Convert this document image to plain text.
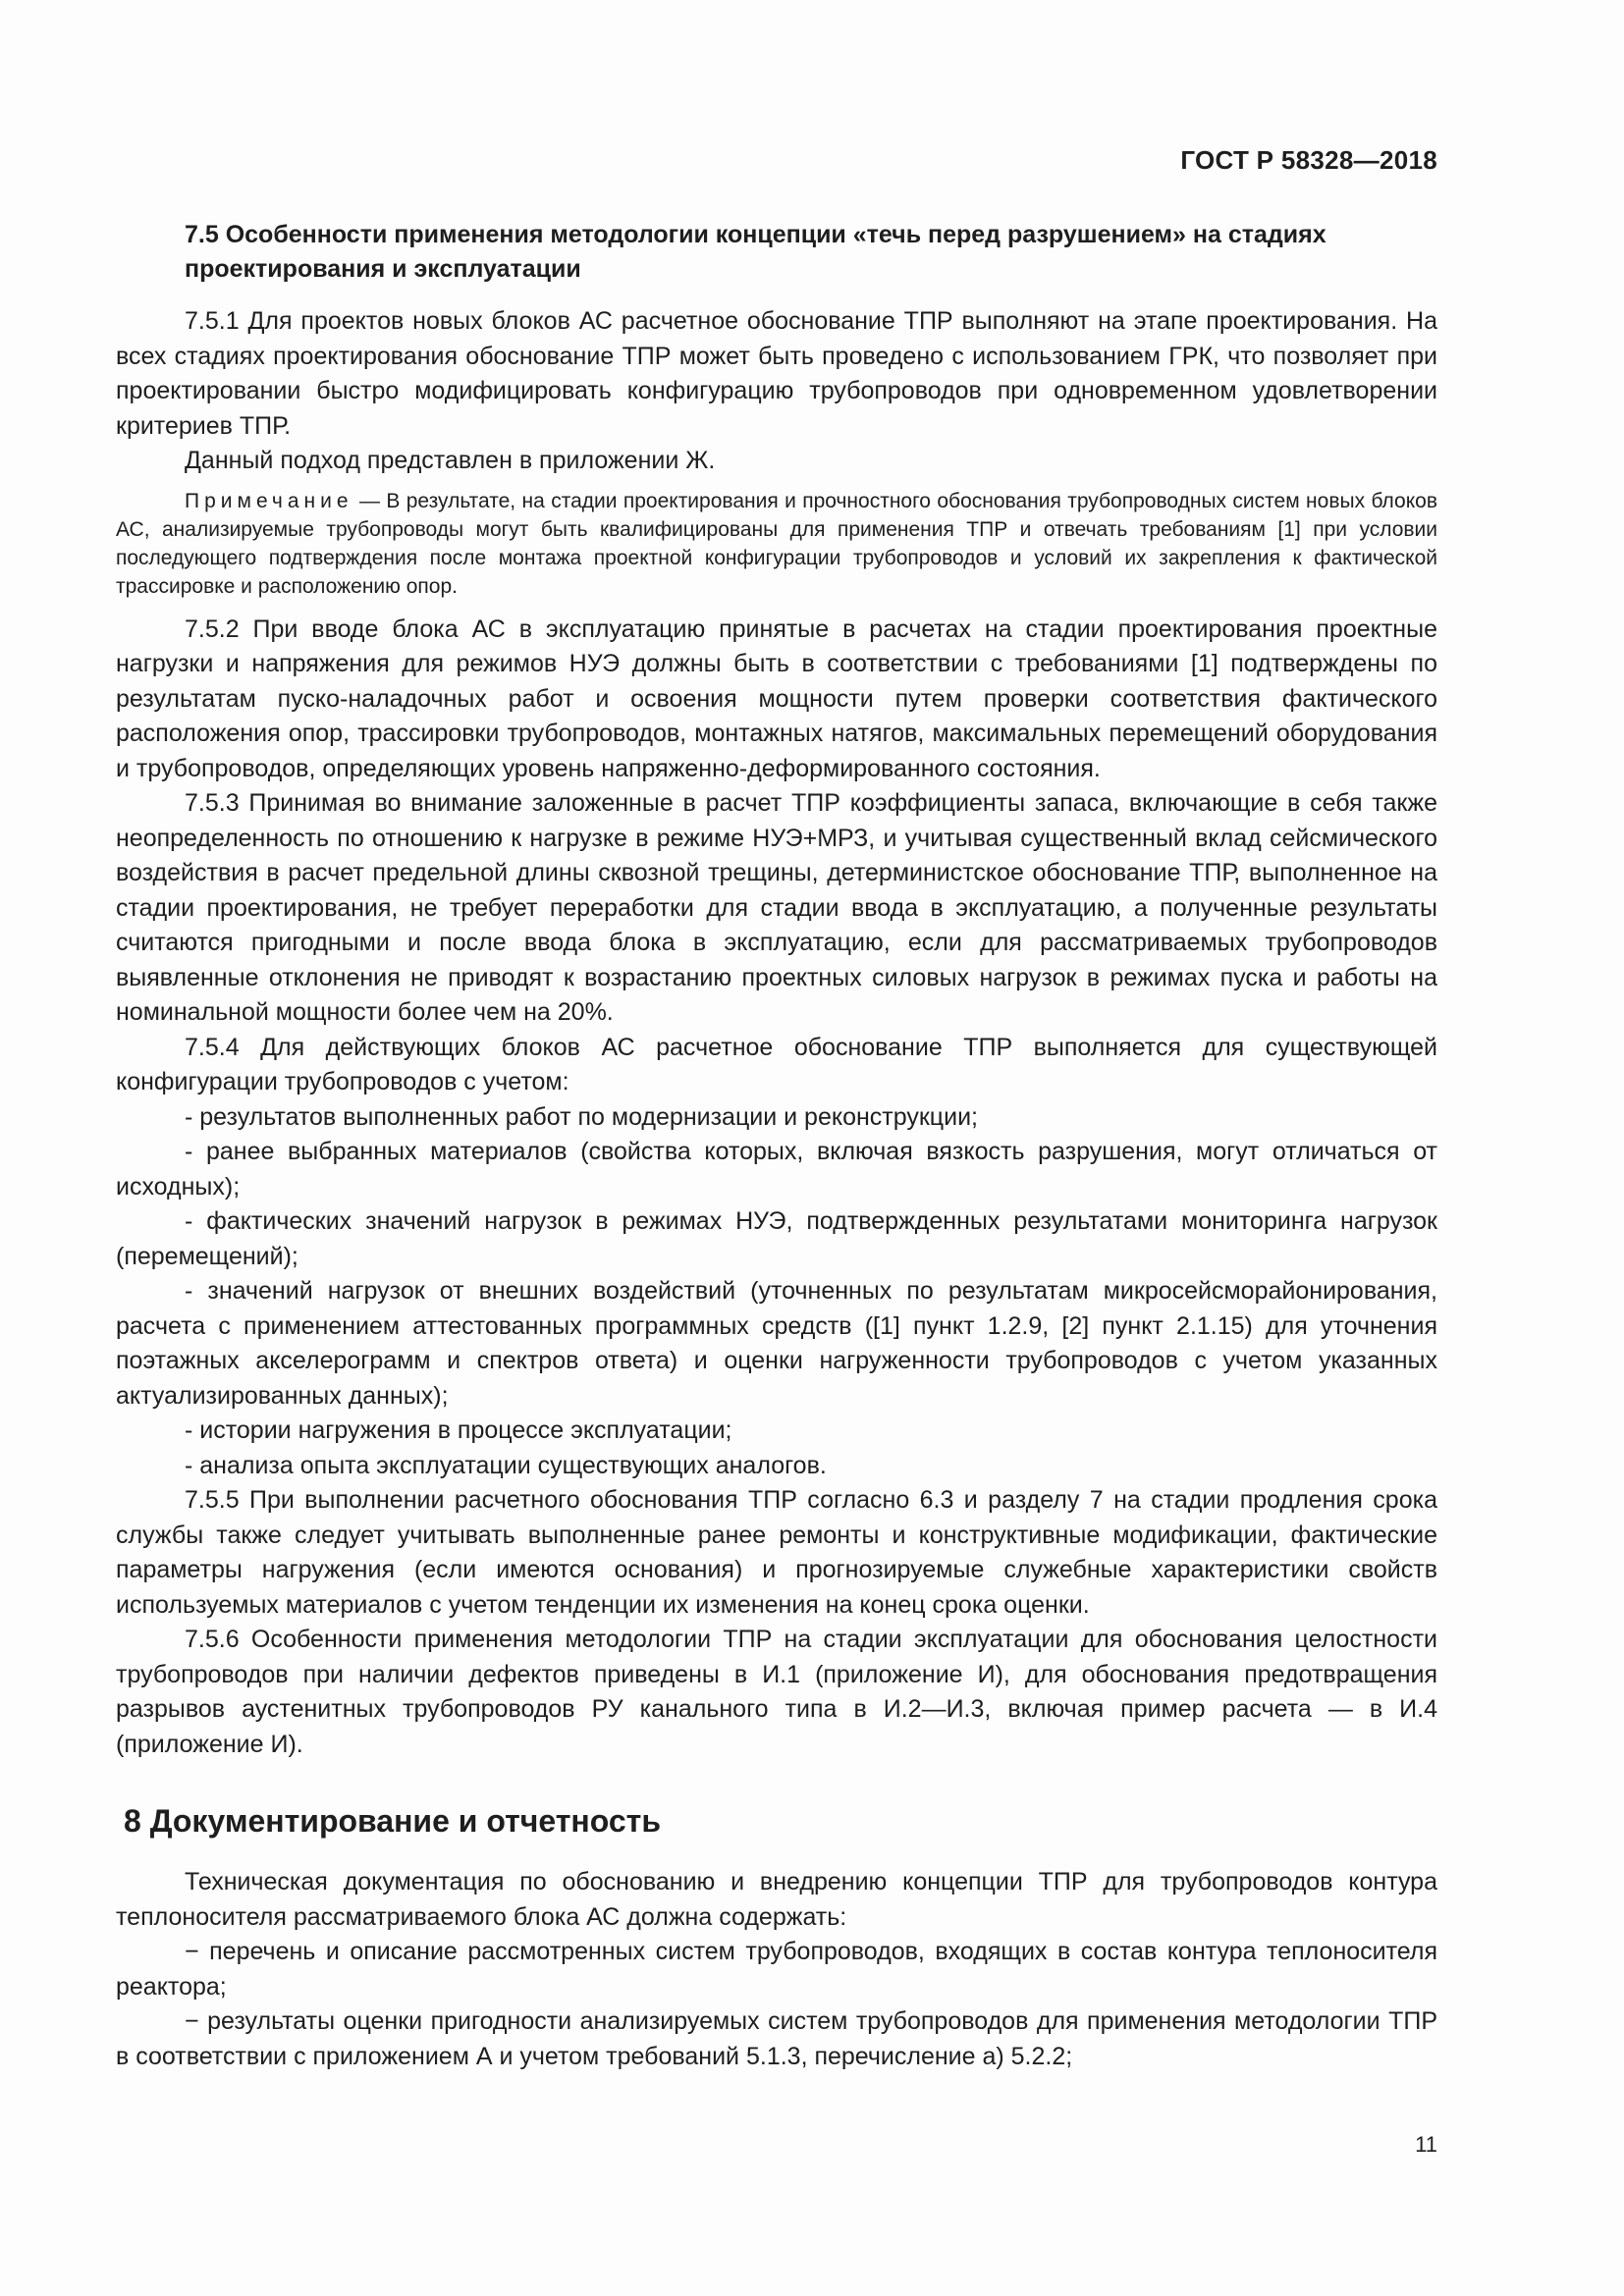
ГОСТ Р 58328—2018
7.5 Особенности применения методологии концепции «течь перед разрушением» на стадиях проектирования и эксплуатации

7.5.1 Для проектов новых блоков АС расчетное обоснование ТПР выполняют на этапе проектирования. На всех стадиях проектирования обоснование ТПР может быть проведено с использованием ГРК, что позволяет при проектировании быстро модифицировать конфигурацию трубопроводов при одновременном удовлетворении критериев ТПР.

Данный подход представлен в приложении Ж.

Примечание — В результате, на стадии проектирования и прочностного обоснования трубопроводных систем новых блоков АС, анализируемые трубопроводы могут быть квалифицированы для применения ТПР и отвечать требованиям [1] при условии последующего подтверждения после монтажа проектной конфигурации трубопроводов и условий их закрепления к фактической трассировке и расположению опор.

7.5.2 При вводе блока АС в эксплуатацию принятые в расчетах на стадии проектирования проектные нагрузки и напряжения для режимов НУЭ должны быть в соответствии с требованиями [1] подтверждены по результатам пуско-наладочных работ и освоения мощности путем проверки соответствия фактического расположения опор, трассировки трубопроводов, монтажных натягов, максимальных перемещений оборудования и трубопроводов, определяющих уровень напряженно-деформированного состояния.

7.5.3 Принимая во внимание заложенные в расчет ТПР коэффициенты запаса, включающие в себя также неопределенность по отношению к нагрузке в режиме НУЭ+МРЗ, и учитывая существенный вклад сейсмического воздействия в расчет предельной длины сквозной трещины, детерминистское обоснование ТПР, выполненное на стадии проектирования, не требует переработки для стадии ввода в эксплуатацию, а полученные результаты считаются пригодными и после ввода блока в эксплуатацию, если для рассматриваемых трубопроводов выявленные отклонения не приводят к возрастанию проектных силовых нагрузок в режимах пуска и работы на номинальной мощности более чем на 20%.

7.5.4 Для действующих блоков АС расчетное обоснование ТПР выполняется для существующей конфигурации трубопроводов с учетом:

- результатов выполненных работ по модернизации и реконструкции;

- ранее выбранных материалов (свойства которых, включая вязкость разрушения, могут отличаться от исходных);

- фактических значений нагрузок в режимах НУЭ, подтвержденных результатами мониторинга нагрузок (перемещений);

- значений нагрузок от внешних воздействий (уточненных по результатам микросейсморайонирования, расчета с применением аттестованных программных средств ([1] пункт 1.2.9, [2] пункт 2.1.15) для уточнения поэтажных акселерограмм и спектров ответа) и оценки нагруженности трубопроводов с учетом указанных актуализированных данных);

- истории нагружения в процессе эксплуатации;

- анализа опыта эксплуатации существующих аналогов.

7.5.5 При выполнении расчетного обоснования ТПР согласно 6.3 и разделу 7 на стадии продления срока службы также следует учитывать выполненные ранее ремонты и конструктивные модификации, фактические параметры нагружения (если имеются основания) и прогнозируемые служебные характеристики свойств используемых материалов с учетом тенденции их изменения на конец срока оценки.

7.5.6 Особенности применения методологии ТПР на стадии эксплуатации для обоснования целостности трубопроводов при наличии дефектов приведены в И.1 (приложение И), для обоснования предотвращения разрывов аустенитных трубопроводов РУ канального типа в И.2—И.3, включая пример расчета — в И.4 (приложение И).

8 Документирование и отчетность

Техническая документация по обоснованию и внедрению концепции ТПР для трубопроводов контура теплоносителя рассматриваемого блока АС должна содержать:

− перечень и описание рассмотренных систем трубопроводов, входящих в состав контура теплоносителя реактора;

− результаты оценки пригодности анализируемых систем трубопроводов для применения методологии ТПР в соответствии с приложением А и учетом требований 5.1.3, перечисление а) 5.2.2;

11
